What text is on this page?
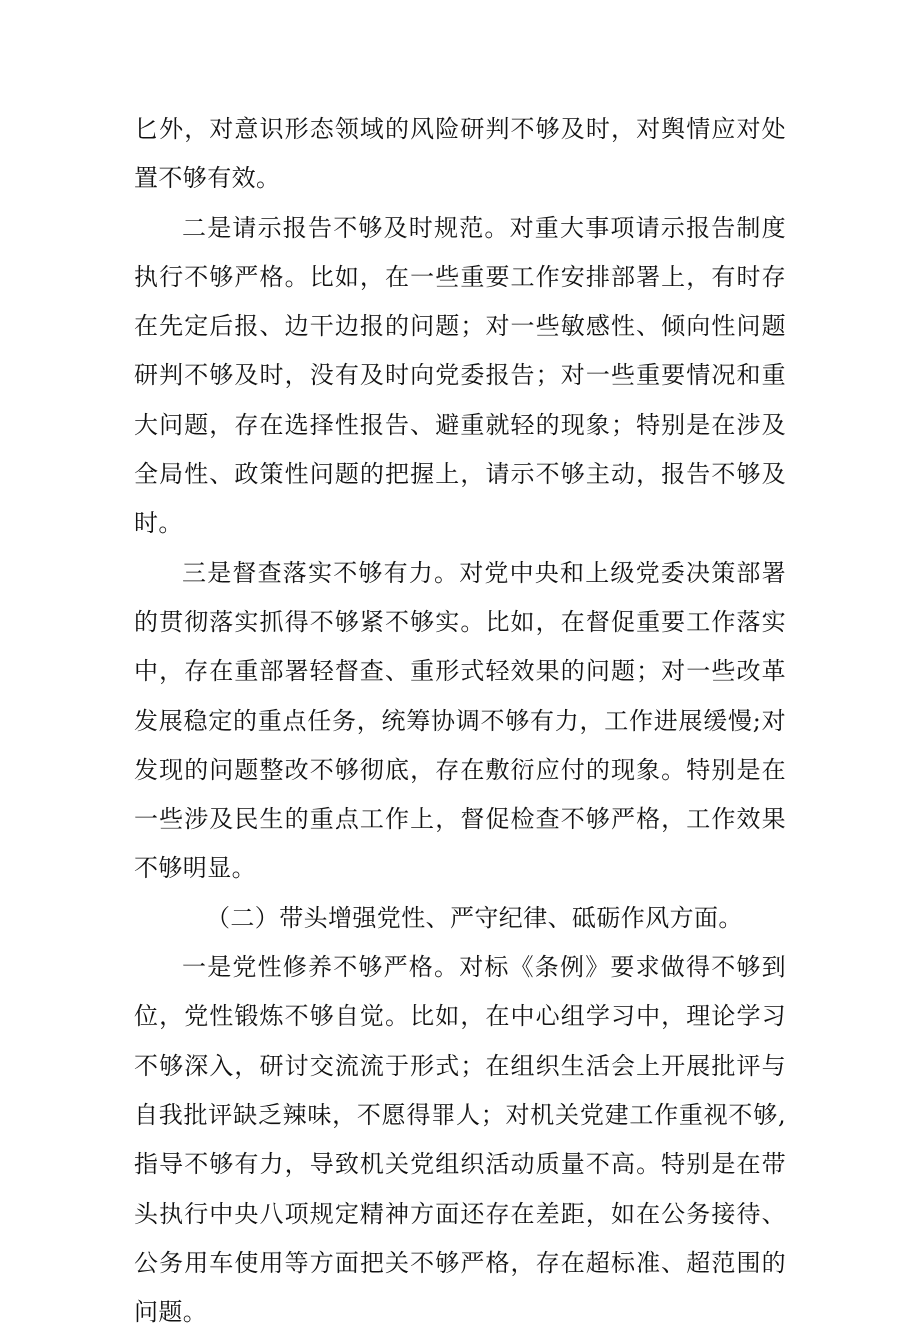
匕外，对意识形态领域的风险研判不够及时，对舆情应对处置不够有效。

二是请示报告不够及时规范。对重大事项请示报告制度执行不够严格。比如，在一些重要工作安排部署上，有时存在先定后报、边干边报的问题；对一些敏感性、倾向性问题研判不够及时，没有及时向党委报告；对一些重要情况和重大问题，存在选择性报告、避重就轻的现象；特别是在涉及全局性、政策性问题的把握上，请示不够主动，报告不够及时。

三是督查落实不够有力。对党中央和上级党委决策部署的贯彻落实抓得不够紧不够实。比如，在督促重要工作落实中，存在重部署轻督查、重形式轻效果的问题；对一些改革发展稳定的重点任务，统筹协调不够有力，工作进展缓慢;对发现的问题整改不够彻底，存在敷衍应付的现象。特别是在一些涉及民生的重点工作上，督促检查不够严格，工作效果不够明显。

（二）带头增强党性、严守纪律、砥砺作风方面。

一是党性修养不够严格。对标《条例》要求做得不够到位，党性锻炼不够自觉。比如，在中心组学习中，理论学习不够深入，研讨交流流于形式；在组织生活会上开展批评与自我批评缺乏辣味，不愿得罪人；对机关党建工作重视不够,指导不够有力，导致机关党组织活动质量不高。特别是在带头执行中央八项规定精神方面还存在差距，如在公务接待、公务用车使用等方面把关不够严格，存在超标准、超范围的问题。
